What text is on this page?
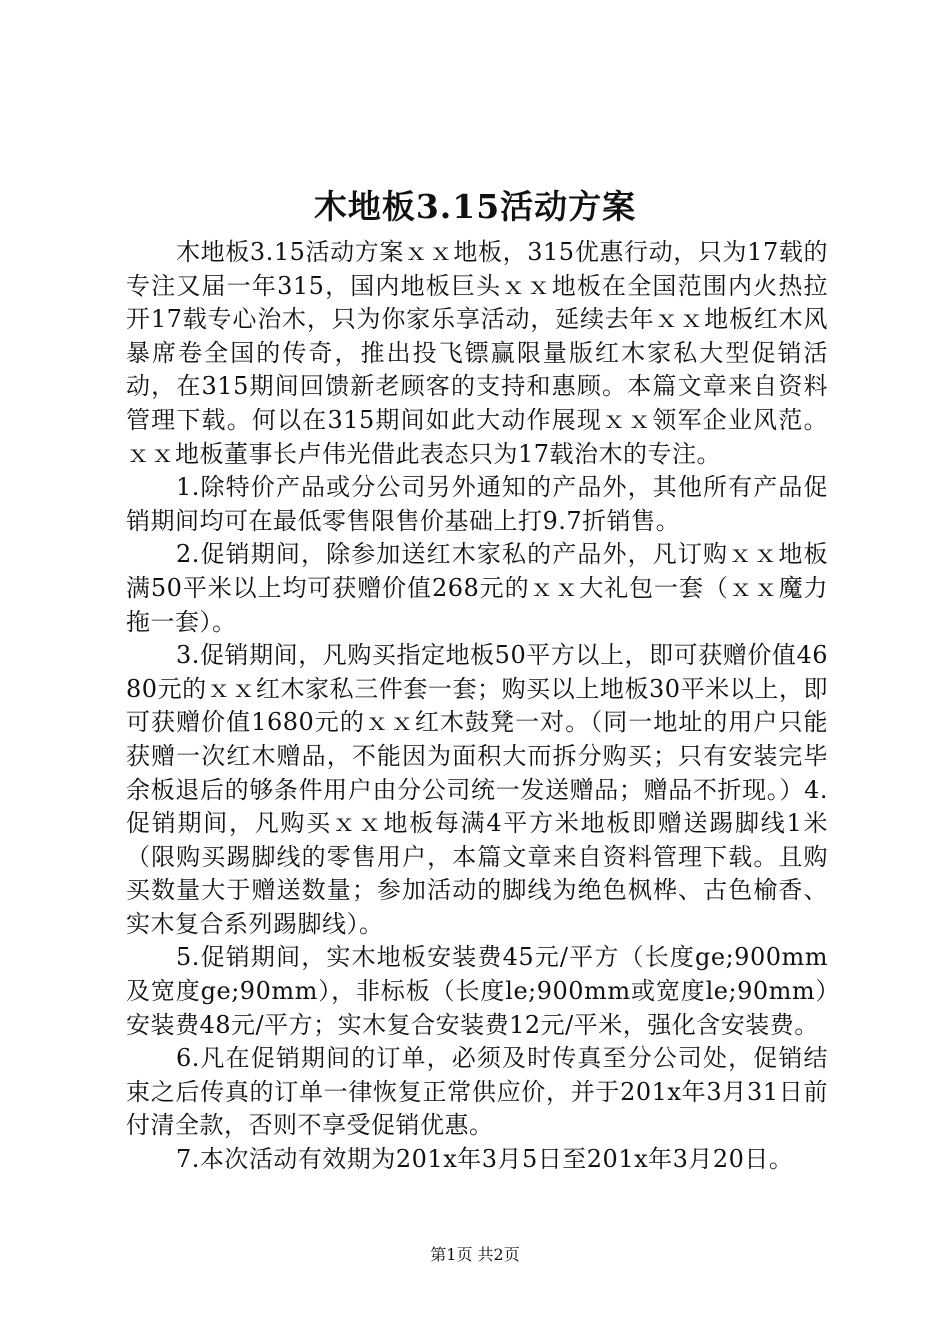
木地板3.15活动方案

木地板3.15活动方案ｘｘ地板，315优惠行动，只为17载的专注又届一年315，国内地板巨头ｘｘ地板在全国范围内火热拉开17载专心治木，只为你家乐享活动，延续去年ｘｘ地板红木风暴席卷全国的传奇，推出投飞镖赢限量版红木家私大型促销活动，在315期间回馈新老顾客的支持和惠顾。本篇文章来自资料管理下载。何以在315期间如此大动作展现ｘｘ领军企业风范。ｘｘ地板董事长卢伟光借此表态只为17载治木的专注。

1.除特价产品或分公司另外通知的产品外，其他所有产品促销期间均可在最低零售限售价基础上打9.7折销售。

2.促销期间，除参加送红木家私的产品外，凡订购ｘｘ地板满50平米以上均可获赠价值268元的ｘｘ大礼包一套（ｘｘ魔力拖一套）。

3.促销期间，凡购买指定地板50平方以上，即可获赠价值4680元的ｘｘ红木家私三件套一套；购买以上地板30平米以上，即可获赠价值1680元的ｘｘ红木鼓凳一对。（同一地址的用户只能获赠一次红木赠品，不能因为面积大而拆分购买；只有安装完毕余板退后的够条件用户由分公司统一发送赠品；赠品不折现。）4.促销期间，凡购买ｘｘ地板每满4平方米地板即赠送踢脚线1米（限购买踢脚线的零售用户，本篇文章来自资料管理下载。且购买数量大于赠送数量；参加活动的脚线为绝色枫桦、古色榆香、实木复合系列踢脚线）。

5.促销期间，实木地板安装费45元/平方（长度ge;900mm及宽度ge;90mm），非标板（长度le;900mm或宽度le;90mm）安装费48元/平方；实木复合安装费12元/平米，强化含安装费。

6.凡在促销期间的订单，必须及时传真至分公司处，促销结束之后传真的订单一律恢复正常供应价，并于201x年3月31日前付清全款，否则不享受促销优惠。

7.本次活动有效期为201x年3月5日至201x年3月20日。

第1页 共2页
